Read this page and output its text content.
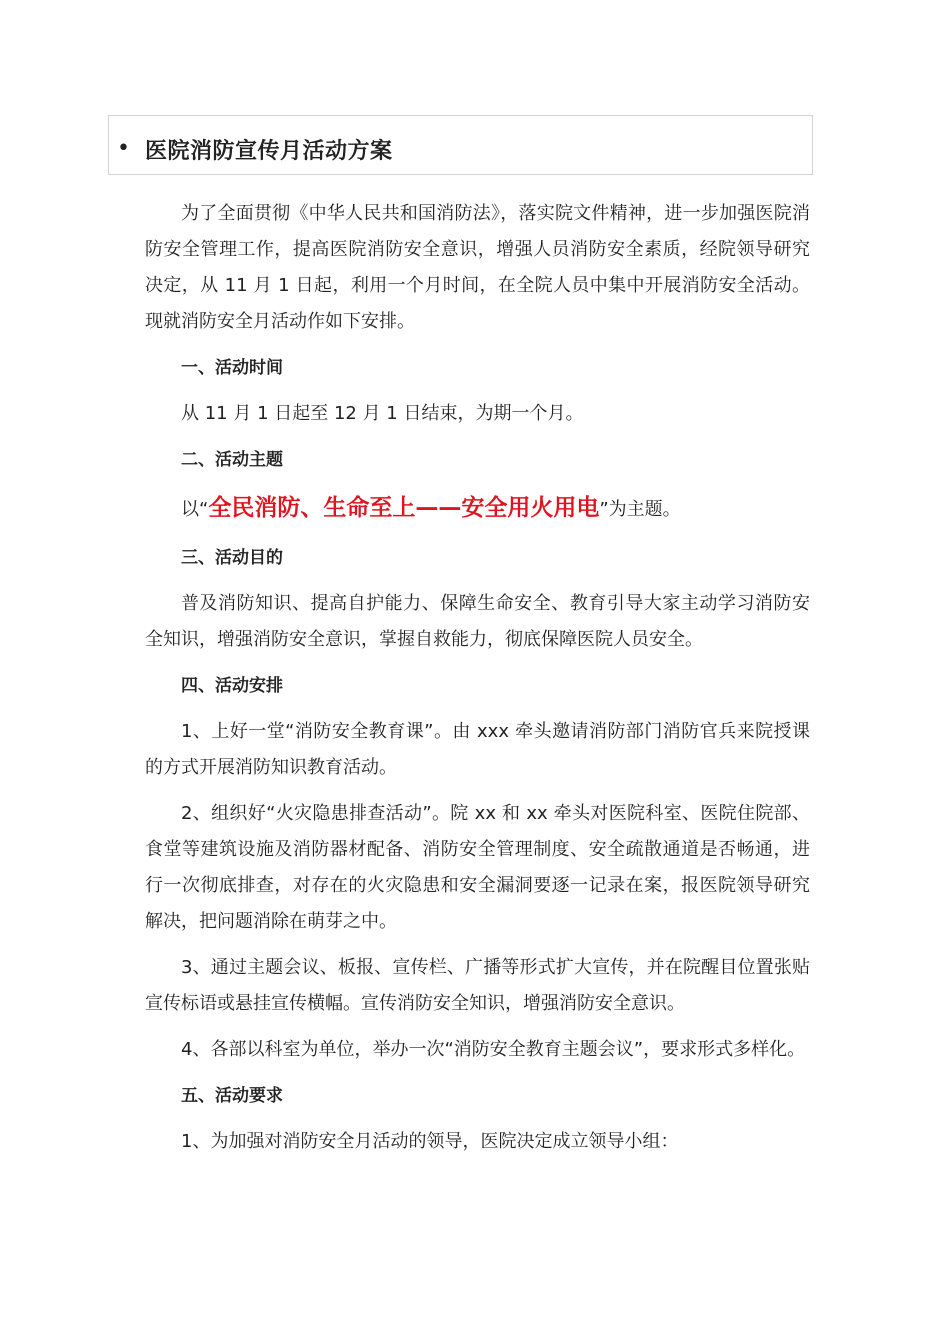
• 医院消防宣传月活动方案

为了全面贯彻《中华人民共和国消防法》，落实院文件精神，进一步加强医院消防安全管理工作，提高医院消防安全意识，增强人员消防安全素质，经院领导研究决定，从 11 月 1 日起，利用一个月时间，在全院人员中集中开展消防安全活动。现就消防安全月活动作如下安排。

一、活动时间

从 11 月 1 日起至 12 月 1 日结束，为期一个月。

二、活动主题

以“全民消防、生命至上——安全用火用电”为主题。

三、活动目的

普及消防知识、提高自护能力、保障生命安全、教育引导大家主动学习消防安全知识，增强消防安全意识，掌握自救能力，彻底保障医院人员安全。

四、活动安排

1、上好一堂“消防安全教育课”。由 xxx 牵头邀请消防部门消防官兵来院授课的方式开展消防知识教育活动。

2、组织好“火灾隐患排查活动”。院 xx 和 xx 牵头对医院科室、医院住院部、食堂等建筑设施及消防器材配备、消防安全管理制度、安全疏散通道是否畅通，进行一次彻底排查，对存在的火灾隐患和安全漏洞要逐一记录在案，报医院领导研究解决，把问题消除在萌芽之中。

3、通过主题会议、板报、宣传栏、广播等形式扩大宣传，并在院醒目位置张贴宣传标语或悬挂宣传横幅。宣传消防安全知识，增强消防安全意识。

4、各部以科室为单位，举办一次“消防安全教育主题会议”，要求形式多样化。

五、活动要求

1、为加强对消防安全月活动的领导，医院决定成立领导小组：
